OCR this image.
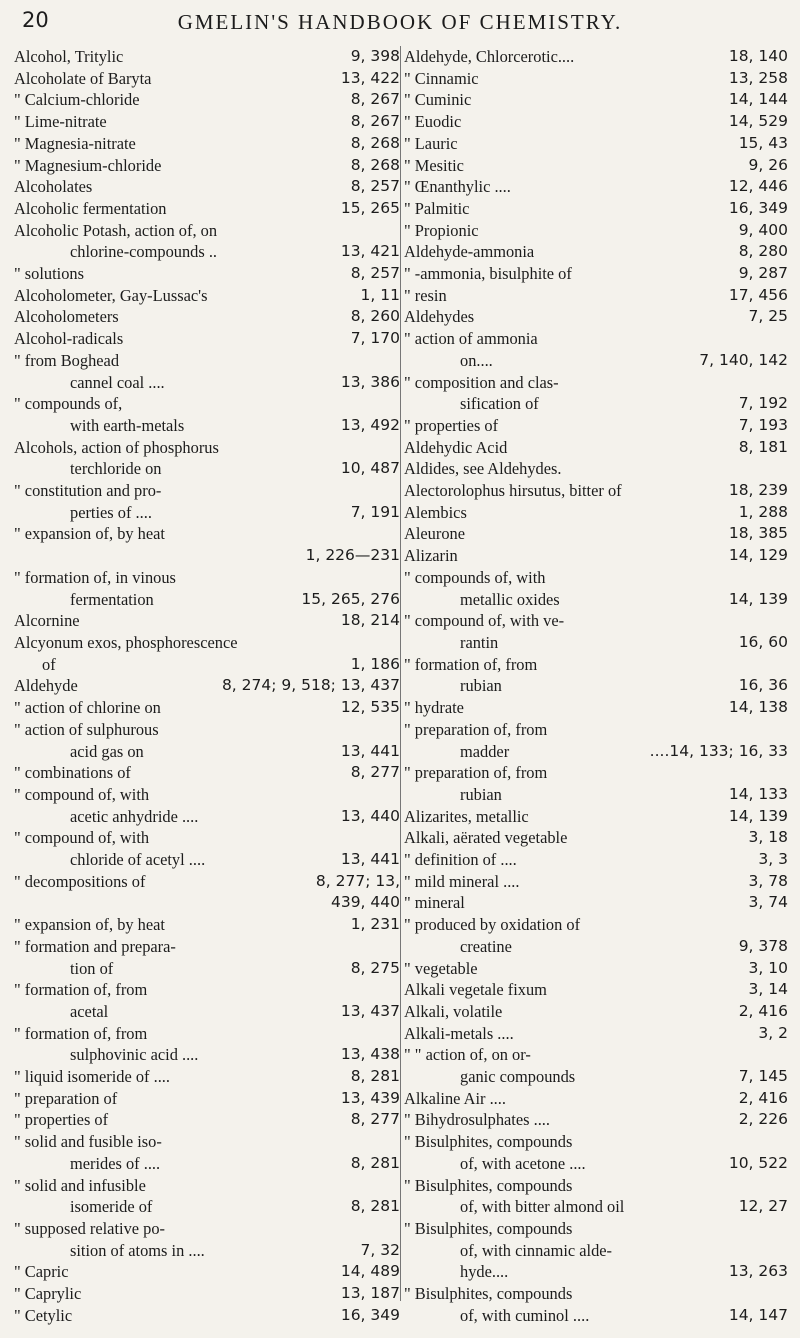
20	GMELIN'S HANDBOOK OF CHEMISTRY.
Alcohol, Tritylic	9, 398
Alcoholate of Baryta	13, 422
" Calcium-chloride	8, 267
" Lime-nitrate	8, 267
" Magnesia-nitrate	8, 268
" Magnesium-chloride	8, 268
Alcoholates	8, 257
Alcoholic fermentation	15, 265
Alcoholic Potash, action of, on
chlorine-compounds ..	13, 421
" solutions	8, 257
Alcoholometer, Gay-Lussac's	1, 11
Alcoholometers	8, 260
Alcohol-radicals	7, 170
" from Boghead
cannel coal ....	13, 386
" compounds of,
with earth-metals	13, 492
Alcohols, action of phosphorus
terchloride on	10, 487
" constitution and pro-
perties of ....	7, 191
" expansion of, by heat
1, 226—231
" formation of, in vinous
fermentation	15, 265, 276
Alcornine	18, 214
Alcyonum exos, phosphorescence
of	1, 186
Aldehyde	8, 274; 9, 518; 13, 437
" action of chlorine on	12, 535
" action of sulphurous
acid gas on	13, 441
" combinations of	8, 277
" compound of, with
acetic anhydride ....	13, 440
" compound of, with
chloride of acetyl ....	13, 441
" decompositions of	8, 277; 13,
439, 440
" expansion of, by heat	1, 231
" formation and prepara-
tion of	8, 275
" formation of, from
acetal	13, 437
" formation of, from
sulphovinic acid ....	13, 438
" liquid isomeride of ....	8, 281
" preparation of	13, 439
" properties of	8, 277
" solid and fusible iso-
merides of ....	8, 281
" solid and infusible
isomeride of	8, 281
" supposed relative po-
sition of atoms in ....	7, 32
" Capric	14, 489
" Caprylic	13, 187
" Cetylic	16, 349
Aldehyde, Chlorcerotic....	18, 140
" Cinnamic	13, 258
" Cuminic	14, 144
" Euodic	14, 529
" Lauric	15, 43
" Mesitic	9, 26
" Œnanthylic ....	12, 446
" Palmitic	16, 349
" Propionic	9, 400
Aldehyde-ammonia	8, 280
" -ammonia, bisulphite of	9, 287
" resin	17, 456
Aldehydes	7, 25
" action of ammonia
on....	7, 140, 142
" composition and clas-
sification of	7, 192
" properties of	7, 193
Aldehydic Acid	8, 181
Aldides, see Aldehydes.
Alectorolophus hirsutus, bitter of	18, 239
Alembics	1, 288
Aleurone	18, 385
Alizarin	14, 129
" compounds of, with
metallic oxides	14, 139
" compound of, with ve-
rantin	16, 60
" formation of, from
rubian	16, 36
" hydrate	14, 138
" preparation of, from
madder	....14, 133; 16, 33
" preparation of, from
rubian	14, 133
Alizarites, metallic	14, 139
Alkali, aërated vegetable	3, 18
" definition of ....	3, 3
" mild mineral ....	3, 78
" mineral	3, 74
" produced by oxidation of
creatine	9, 378
" vegetable	3, 10
Alkali vegetale fixum	3, 14
Alkali, volatile	2, 416
Alkali-metals ....	3, 2
" " action of, on or-
ganic compounds	7, 145
Alkaline Air ....	2, 416
" Bihydrosulphates ....	2, 226
" Bisulphites, compounds
of, with acetone ....	10, 522
" Bisulphites, compounds
of, with bitter almond oil	12, 27
" Bisulphites, compounds
of, with cinnamic alde-
hyde....	13, 263
" Bisulphites, compounds
of, with cuminol ....	14, 147
